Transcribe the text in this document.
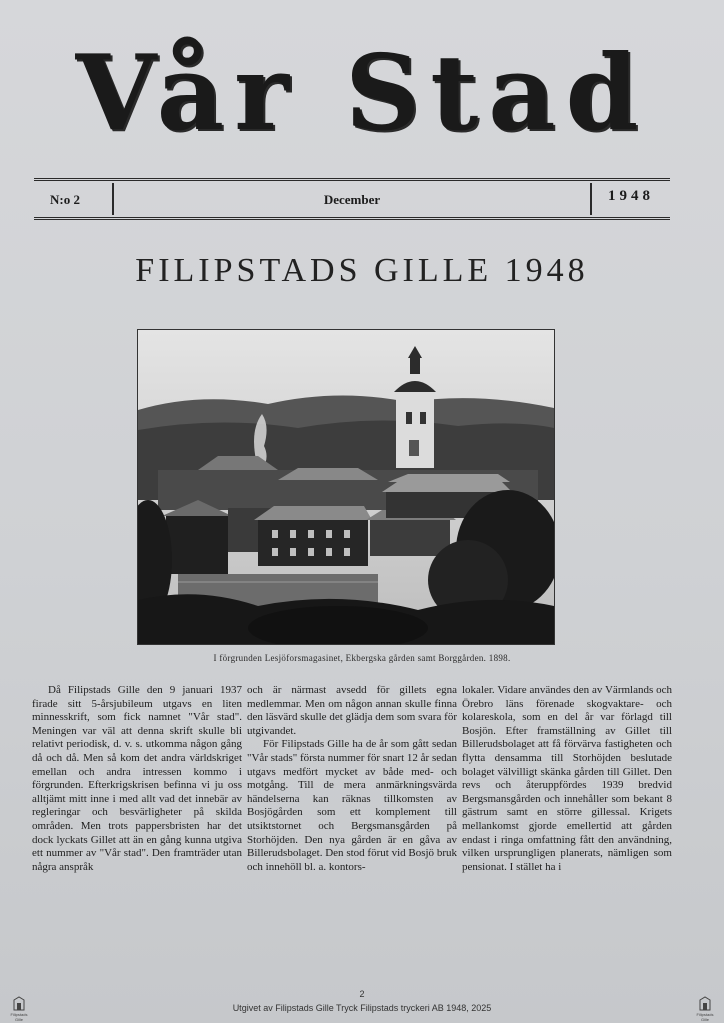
Vår Stad
N:o 2	December	1948
FILIPSTADS GILLE 1948
I förgrunden Lesjöforsmagasinet, Ekbergska gården samt Borggården. 1898.

Då Filipstads Gille den 9 januari 1937 firade sitt 5-årsjubileum utgavs en liten minnesskrift, som fick namnet "Vår stad". Meningen var väl att denna skrift skulle bli relativt periodisk, d. v. s. utkomma någon gång då och då. Men så kom det andra världskriget emellan och andra intressen kommo i förgrunden. Efterkrigskrisen befinna vi ju oss alltjämt mitt inne i med allt vad det innebär av regleringar och besvärligheter på skilda områden. Men trots pappersbristen har det dock lyckats Gillet att än en gång kunna utgiva ett nummer av "Vår stad". Den framträder utan några anspråk

och är närmast avsedd för gillets egna medlemmar. Men om någon annan skulle finna den läsvärd skulle det glädja dem som svara för utgivandet.

För Filipstads Gille ha de år som gått sedan "Vår stads" första nummer för snart 12 år sedan utgavs medfört mycket av både med- och motgång. Till de mera anmärkningsvärda händelserna kan räknas tillkomsten av Bosjögården som ett komplement till utsiktstornet och Bergsmansgården på Storhöjden. Den nya gården är en gåva av Billerudsbolaget. Den stod förut vid Bosjö bruk och innehöll bl. a. kontors-

lokaler. Vidare användes den av Värmlands och Örebro läns förenade skogvaktare- och kolareskola, som en del år var förlagd till Bosjön. Efter framställning av Gillet till Billerudsbolaget att få förvärva fastigheten och flytta densamma till Storhöjden beslutade bolaget välvilligt skänka gården till Gillet. Den revs och återuppfördes 1939 bredvid Bergsmansgården och innehåller som bekant 8 gästrum samt en större gillessal. Krigets mellankomst gjorde emellertid att gården endast i ringa omfattning fått den användning, vilken ursprungligen planerats, nämligen som pensionat. I stället ha i

2
Utgivet av Filipstads Gille Tryck Filipstads tryckeri AB 1948, 2025
Filipstads Gille
Filipstads Gille
